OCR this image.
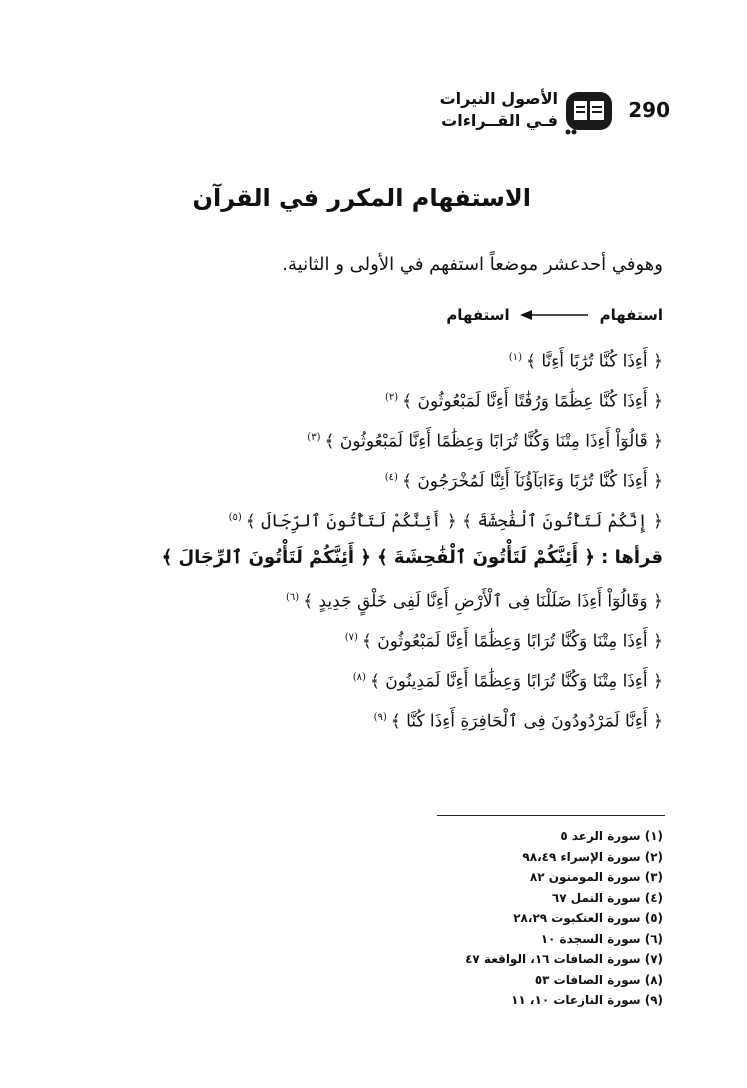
الأصول النيرات
فـي القــراءات	290
الاستفهام المكرر في القرآن
وهوفي أحدعشر موضعاً استفهم في الأولى و الثانية.
استفهام
استفهام
﴿ أَءِذَا كُنَّا تُرَٰبًا أَءِنَّا ﴾$^{(١)}$
﴿ أَءِذَا كُنَّا عِظَٰمًا وَرُفَٰتًا أَءِنَّا لَمَبْعُوثُونَ ﴾$^{(٢)}$
﴿ قَالُوٓاْ أَءِذَا مِتْنَا وَكُنَّا تُرَابًا وَعِظَٰمًا أَءِنَّا لَمَبْعُوثُونَ ﴾$^{(٣)}$
﴿ أَءِذَا كُنَّا تُرَٰبًا وَءَابَآؤُنَآ أَئِنَّا لَمُخْرَجُونَ ﴾$^{(٤)}$
﴿ إِنَّكُمْ لَتَأْتُونَ ٱلْفَٰحِشَةَ ﴾ ﴿ أَئِنَّكُمْ لَتَأْتُونَ ٱلرِّجَالَ ﴾$^{(٥)}$
قرأها : ﴿ أَئِنَّكُمْ لَتَأْتُونَ ٱلْفَٰحِشَةَ ﴾ ﴿ أَئِنَّكُمْ لَتَأْتُونَ ٱلرِّجَالَ ﴾
﴿ وَقَالُوٓاْ أَءِذَا ضَلَلْنَا فِى ٱلْأَرْضِ أَءِنَّا لَفِى خَلْقٍ جَدِيدٍ ﴾$^{(٦)}$
﴿ أَءِذَا مِتْنَا وَكُنَّا تُرَابًا وَعِظَٰمًا أَءِنَّا لَمَبْعُوثُونَ ﴾$^{(٧)}$
﴿ أَءِذَا مِتْنَا وَكُنَّا تُرَابًا وَعِظَٰمًا أَءِنَّا لَمَدِينُونَ ﴾$^{(٨)}$
﴿ أَءِنَّا لَمَرْدُودُونَ فِى ٱلْحَافِرَةِ أَءِذَا كُنَّا ﴾$^{(٩)}$
(١) سورة الرعد ٥
(٢) سورة الإسراء ٩٨،٤٩
(٣) سورة المومنون ٨٢
(٤) سورة النمل ٦٧
(٥) سورة العنكبوت ٢٨،٢٩
(٦) سورة السجدة ١٠
(٧) سورة الصافات ١٦، الواقعة ٤٧
(٨) سورة الصافات ٥٣
(٩) سورة النازعات ١٠، ١١
